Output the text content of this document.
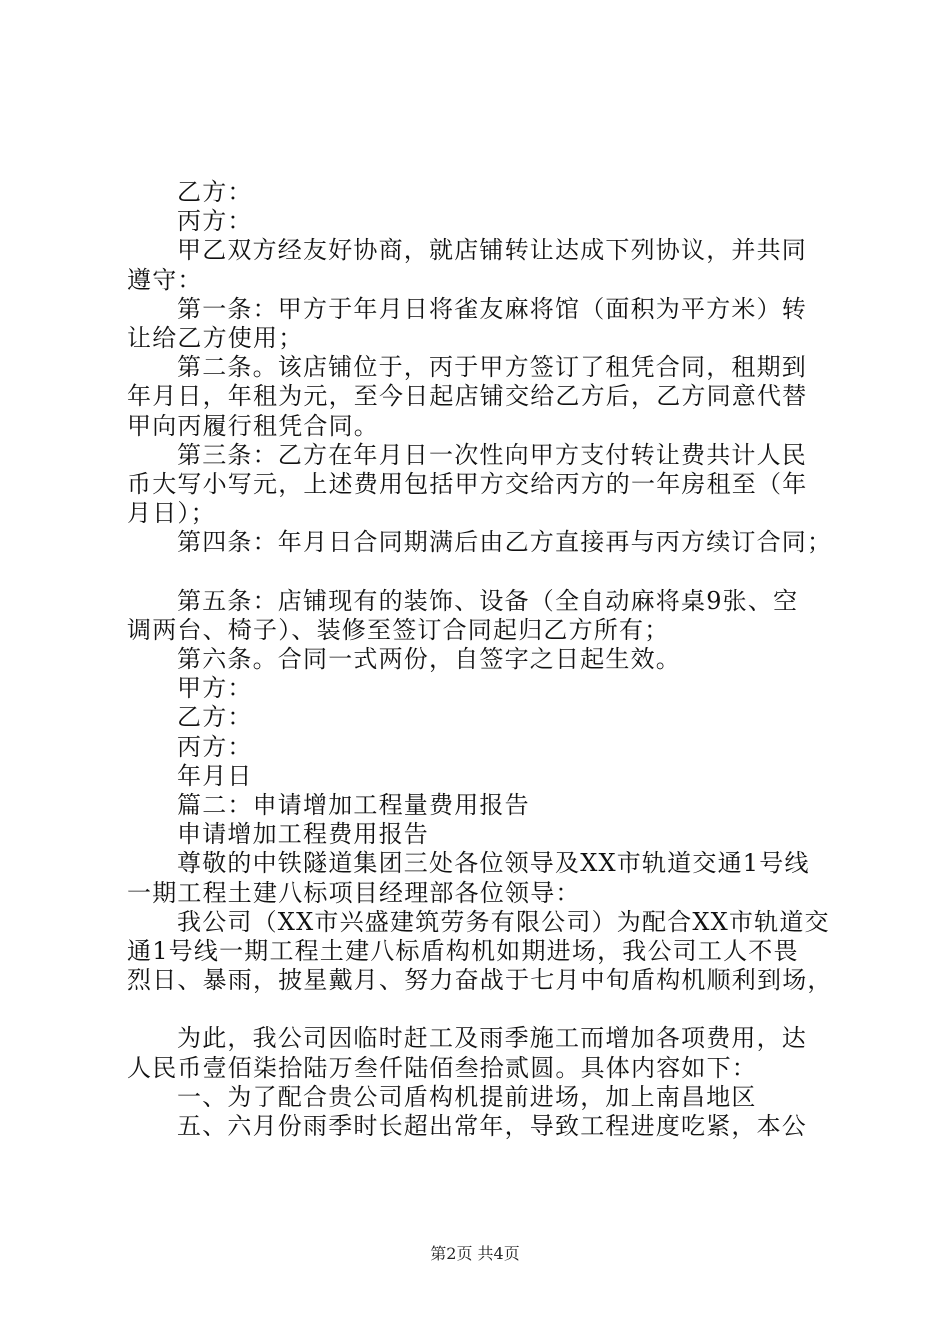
乙方：
丙方：
甲乙双方经友好协商，就店铺转让达成下列协议，并共同
遵守：
第一条：甲方于年月日将雀友麻将馆（面积为平方米）转
让给乙方使用；
第二条。该店铺位于，丙于甲方签订了租凭合同，租期到
年月日，年租为元，至今日起店铺交给乙方后，乙方同意代替
甲向丙履行租凭合同。
第三条：乙方在年月日一次性向甲方支付转让费共计人民
币大写小写元，上述费用包括甲方交给丙方的一年房租至（年
月日）；
第四条：年月日合同期满后由乙方直接再与丙方续订合同；
第五条：店铺现有的装饰、设备（全自动麻将桌9张、空
调两台、椅子）、装修至签订合同起归乙方所有；
第六条。合同一式两份，自签字之日起生效。
甲方：
乙方：
丙方：
年月日
篇二：申请增加工程量费用报告
申请增加工程费用报告
尊敬的中铁隧道集团三处各位领导及XX市轨道交通1号线
一期工程土建八标项目经理部各位领导：
我公司（XX市兴盛建筑劳务有限公司）为配合XX市轨道交
通1号线一期工程土建八标盾构机如期进场，我公司工人不畏
烈日、暴雨，披星戴月、努力奋战于七月中旬盾构机顺利到场，
为此，我公司因临时赶工及雨季施工而增加各项费用，达
人民币壹佰柒拾陆万叁仟陆佰叁拾贰圆。具体内容如下：
一、为了配合贵公司盾构机提前进场，加上南昌地区
五、六月份雨季时长超出常年，导致工程进度吃紧，本公
第2页 共4页
